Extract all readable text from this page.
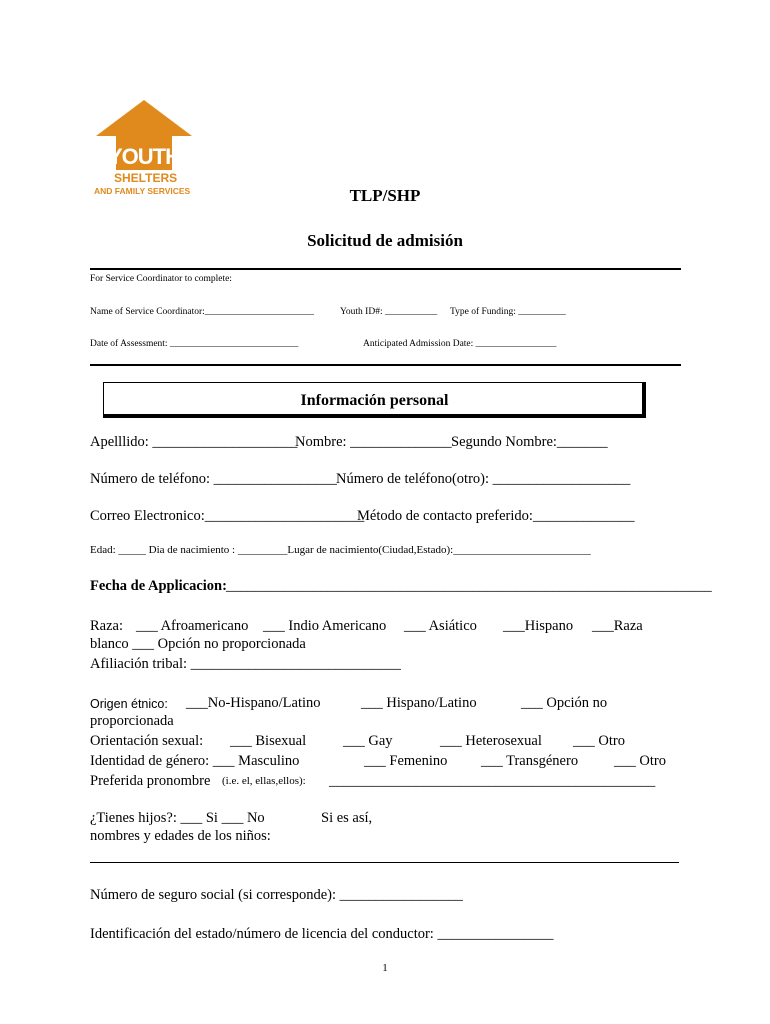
YOUTH
SHELTERS
AND FAMILY SERVICES	TLP/SHP
Solicitud de admisión
For Service Coordinator to complete:
Name of Service Coordinator:_______________________	Youth ID#: ___________ Type of Funding: __________
Date of Assessment: ___________________________	Anticipated Admission Date: _________________
Información personal
Apelllido: ____________________
Nombre: ______________ Segundo Nombre:_______
Número de teléfono: _________________ Número de teléfono(otro): ___________________
Correo Electronico:______________________
Método de contacto preferido:______________
Edad: _____ Dia de nacimiento : _________Lugar de nacimiento(Ciudad,Estado):_________________________
Fecha de Applicacion: ___________________________________________________________________
Raza: ___ Afroamericano ___ Indio Americano ___ Asiático ___Hispano ___Raza
blanco ___ Opción no proporcionada
Afiliación tribal: _____________________________
Origen étnico: ___No-Hispano/Latino	___ Hispano/Latino	___ Opción no
proporcionada
Orientación sexual: ___ Bisexual	___ Gay	___ Heterosexual ___ Otro
Identidad de género: ___ Masculino	___ Femenino ___ Transgénero ___ Otro
Preferida pronombre (i.e. el, ellas,ellos): _____________________________________________
¿Tienes hijos?: ___ Si ___ No	Si es así,
nombres y edades de los niños:
Número de seguro social (si corresponde): _________________
Identificación del estado/número de licencia del conductor: ________________
1
